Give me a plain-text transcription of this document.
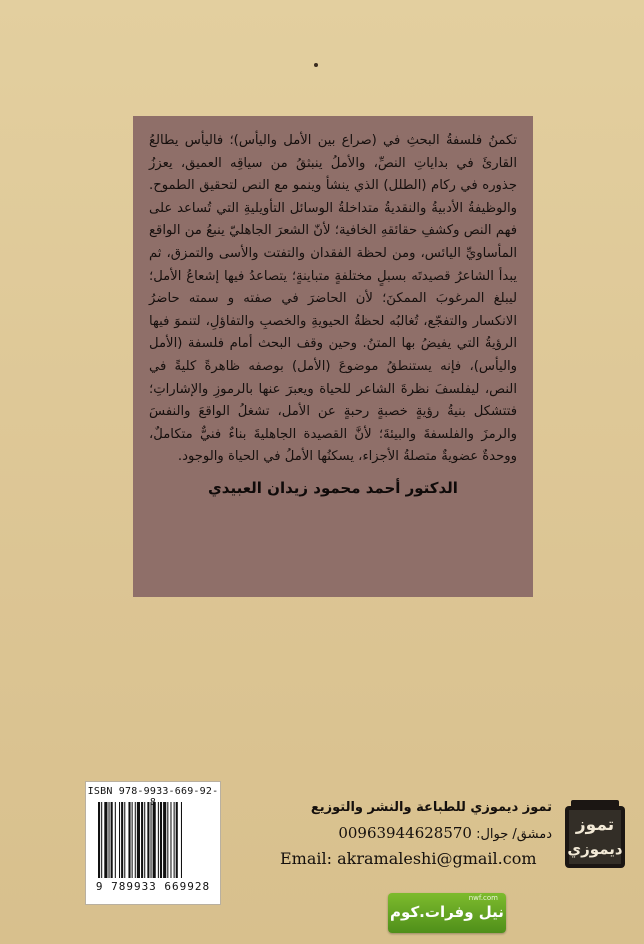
تكمنُ فلسفةُ البحثِ في (صراع بين الأمل واليأس)؛ فاليأس يطالعُ القارئَ في بداياتِ النصِّ، والأملُ ينبثقُ من سياقِه العميق، يعززُ جذوره في ركام (الطلل) الذي ينشأ وينمو مع النص لتحقيق الطموح. والوظيفةُ الأدبيةُ والنقديةُ متداخلةُ الوسائل التأويليةِ التي تُساعد على فهم النص وكشفِ حقائقهِ الخافية؛ لأنّ الشعرَ الجاهليّ ينبعُ من الواقع المأساويِّ اليائس، ومن لحظة الفقدان والتفتت والأسى والتمزق، ثم يبدأ الشاعرُ قصيدتَه بسبلٍ مختلفةٍ متباينةٍ؛ يتصاعدُ فيها إشعاعُ الأمل؛ ليبلغ المرغوبَ الممكنَ؛ لأن الحاضرَ في صفته و سمته حاضرُ الانكسار والتفجّع، تُغالبُه لحظةُ الحيويةِ والخصبِ والتفاؤلِ، لتنموَ فيها الرؤيةُ التي يفيضُ بها المتنُ. وحين وقف البحث أمام فلسفة (الأمل واليأس)، فإنه يستنطقُ موضوعَ (الأمل) بوصفه ظاهرةً كليةً في النص، ليفلسفَ نظرةَ الشاعر للحياة ويعبرَ عنها بالرموزِ والإشاراتِ؛ فتتشكل بنيةُ رؤيةٍ خصبةٍ رحبةٍ عن الأمل، تشغلُ الواقعَ والنفسَ والرمزَ والفلسفةَ والبيئةَ؛ لأنَّ القصيدة الجاهليةَ بناءٌ فنيٌّ متكاملٌ، ووحدةٌ عضويةٌ متصلةُ الأجزاء، يسكنُها الأملُ في الحياة والوجود.

الدكتور أحمد محمود زيدان العبيدي
ISBN 978-9933-669-92-
9 789933 669928
تموز ديموزي للطباعة والنشر والتوزيع
دمشق/ جوال: 00963944628570
Email: akramaleshi@gmail.com
تموز
ديموزي
nwf.com
نيل وفرات.كوم
